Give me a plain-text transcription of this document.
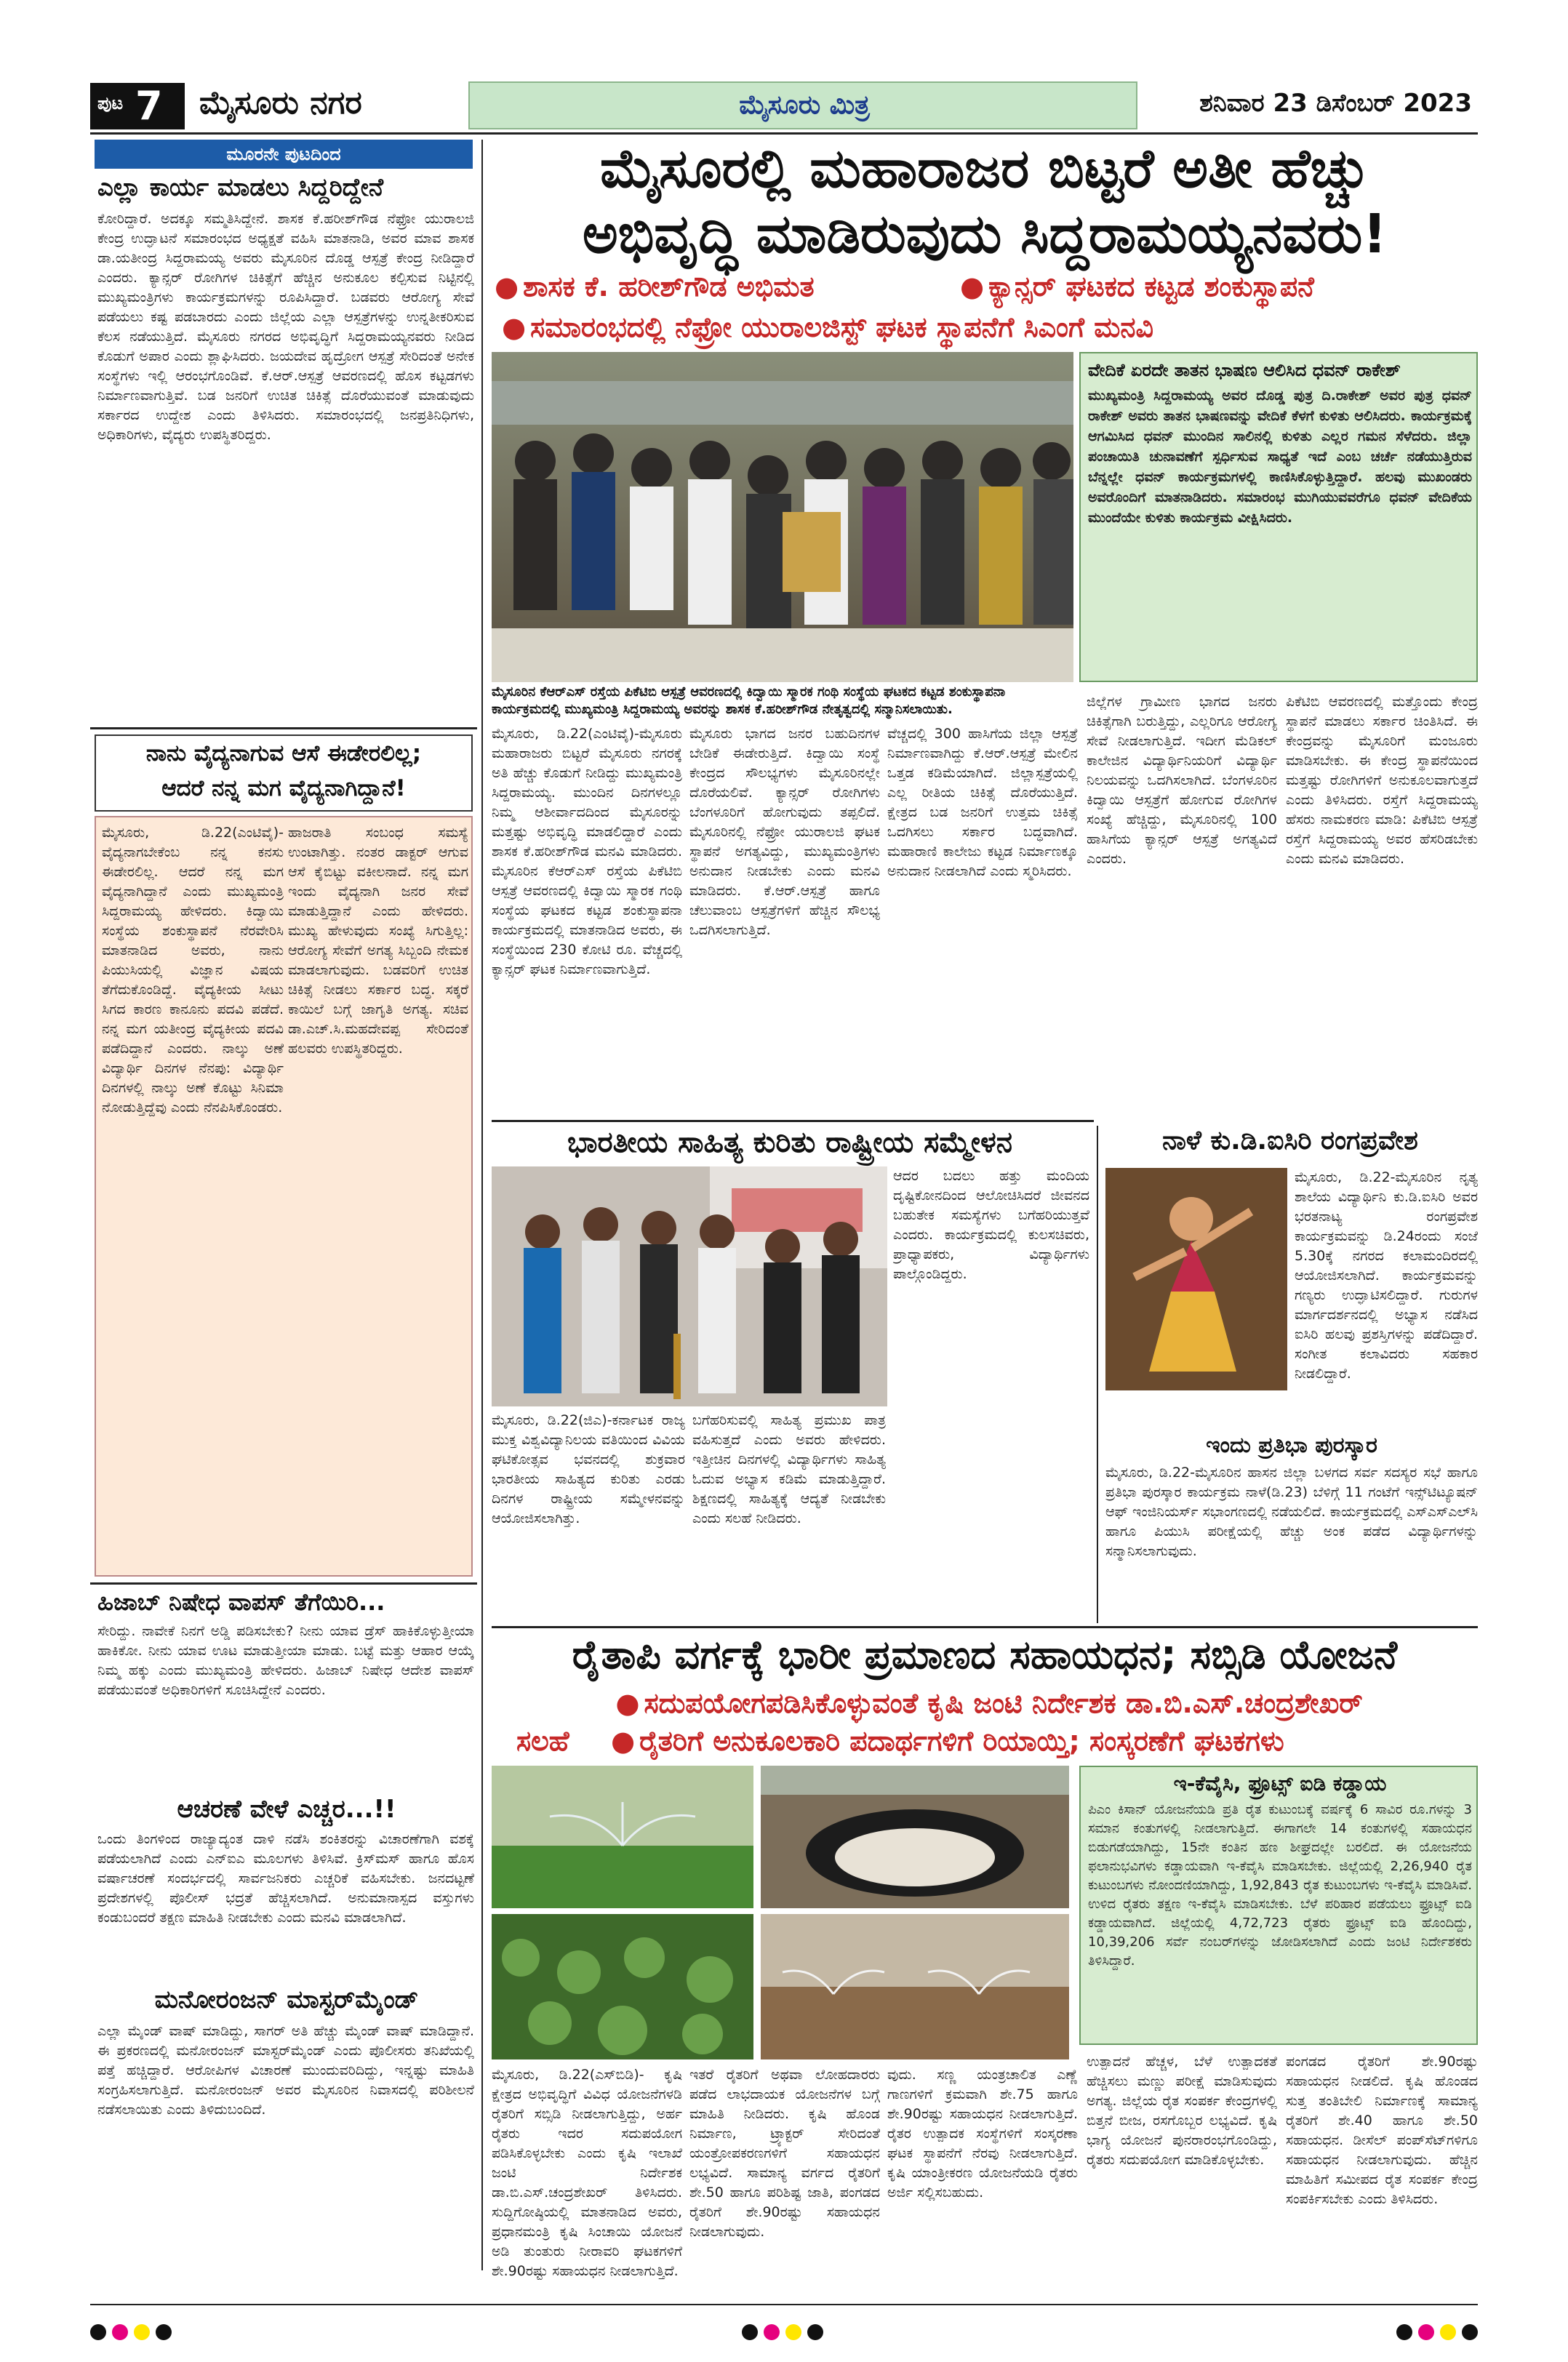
ಪುಟ 7 ಮೈಸೂರು ನಗರ	ಮೈಸೂರು ಮಿತ್ರ	ಶನಿವಾರ 23 ಡಿಸೆಂಬರ್ 2023
ಮೂರನೇ ಪುಟದಿಂದ
ಎಲ್ಲಾ ಕಾರ್ಯ ಮಾಡಲು ಸಿದ್ದರಿದ್ದೇನೆ
ಕೋರಿದ್ದಾರೆ. ಅದಕ್ಕೂ ಸಮ್ಮತಿಸಿದ್ದೇನೆ. ಶಾಸಕ ಕೆ.ಹರೀಶ್‌ಗೌಡ ನೆಫ್ರೋ ಯುರಾಲಜಿ ಕೇಂದ್ರ ಉದ್ಘಾಟನೆ ಸಮಾರಂಭದ ಅಧ್ಯಕ್ಷತೆ ವಹಿಸಿ ಮಾತನಾಡಿ, ಅವರ ಮಾವ ಶಾಸಕ ಡಾ.ಯತೀಂದ್ರ ಸಿದ್ದರಾಮಯ್ಯ ಅವರು ಮೈಸೂರಿನ ದೊಡ್ಡ ಆಸ್ಪತ್ರೆ ಕೇಂದ್ರ ನೀಡಿದ್ದಾರೆ ಎಂದರು. ಕ್ಯಾನ್ಸರ್ ರೋಗಿಗಳ ಚಿಕಿತ್ಸೆಗೆ ಹೆಚ್ಚಿನ ಅನುಕೂಲ ಕಲ್ಪಿಸುವ ನಿಟ್ಟಿನಲ್ಲಿ ಮುಖ್ಯಮಂತ್ರಿಗಳು ಕಾರ್ಯಕ್ರಮಗಳನ್ನು ರೂಪಿಸಿದ್ದಾರೆ. ಬಡವರು ಆರೋಗ್ಯ ಸೇವೆ ಪಡೆಯಲು ಕಷ್ಟ ಪಡಬಾರದು ಎಂದು ಜಿಲ್ಲೆಯ ಎಲ್ಲಾ ಆಸ್ಪತ್ರೆಗಳನ್ನು ಉನ್ನತೀಕರಿಸುವ ಕೆಲಸ ನಡೆಯುತ್ತಿದೆ. ಮೈಸೂರು ನಗರದ ಅಭಿವೃದ್ಧಿಗೆ ಸಿದ್ದರಾಮಯ್ಯನವರು ನೀಡಿದ ಕೊಡುಗೆ ಅಪಾರ ಎಂದು ಶ್ಲಾಘಿಸಿದರು. ಜಯದೇವ ಹೃದ್ರೋಗ ಆಸ್ಪತ್ರೆ ಸೇರಿದಂತೆ ಅನೇಕ ಸಂಸ್ಥೆಗಳು ಇಲ್ಲಿ ಆರಂಭಗೊಂಡಿವೆ. ಕೆ.ಆರ್.ಆಸ್ಪತ್ರೆ ಆವರಣದಲ್ಲಿ ಹೊಸ ಕಟ್ಟಡಗಳು ನಿರ್ಮಾಣವಾಗುತ್ತಿವೆ. ಬಡ ಜನರಿಗೆ ಉಚಿತ ಚಿಕಿತ್ಸೆ ದೊರೆಯುವಂತೆ ಮಾಡುವುದು ಸರ್ಕಾರದ ಉದ್ದೇಶ ಎಂದು ತಿಳಿಸಿದರು. ಸಮಾರಂಭದಲ್ಲಿ ಜನಪ್ರತಿನಿಧಿಗಳು, ಅಧಿಕಾರಿಗಳು, ವೈದ್ಯರು ಉಪಸ್ಥಿತರಿದ್ದರು.
ಮೈಸೂರಲ್ಲಿ ಮಹಾರಾಜರ ಬಿಟ್ಟರೆ ಅತೀ ಹೆಚ್ಚು
ಅಭಿವೃದ್ಧಿ ಮಾಡಿರುವುದು ಸಿದ್ದರಾಮಯ್ಯನವರು!
● ಶಾಸಕ ಕೆ. ಹರೀಶ್‌ಗೌಡ ಅಭಿಮತ	● ಕ್ಯಾನ್ಸರ್ ಘಟಕದ ಕಟ್ಟಡ ಶಂಕುಸ್ಥಾಪನೆ
● ಸಮಾರಂಭದಲ್ಲಿ ನೆಫ್ರೋ ಯುರಾಲಜಿಸ್ಟ್ ಘಟಕ ಸ್ಥಾಪನೆಗೆ ಸಿಎಂಗೆ ಮನವಿ
ಮೈಸೂರಿನ ಕೆಆರ್‌ಎಸ್ ರಸ್ತೆಯ ಪಿಕೆಟಿಬಿ ಆಸ್ಪತ್ರೆ ಆವರಣದಲ್ಲಿ ಕಿದ್ವಾಯಿ ಸ್ಮಾರಕ ಗಂಥಿ ಸಂಸ್ಥೆಯ ಘಟಕದ ಕಟ್ಟಡ ಶಂಕುಸ್ಥಾಪನಾ ಕಾರ್ಯಕ್ರಮದಲ್ಲಿ ಮುಖ್ಯಮಂತ್ರಿ ಸಿದ್ದರಾಮಯ್ಯ ಅವರನ್ನು ಶಾಸಕ ಕೆ.ಹರೀಶ್‌ಗೌಡ ನೇತೃತ್ವದಲ್ಲಿ ಸನ್ಮಾನಿಸಲಾಯಿತು.
ವೇದಿಕೆ ಏರದೇ ತಾತನ ಭಾಷಣ ಆಲಿಸಿದ ಧವನ್ ರಾಕೇಶ್
ಮುಖ್ಯಮಂತ್ರಿ ಸಿದ್ದರಾಮಯ್ಯ ಅವರ ದೊಡ್ಡ ಪುತ್ರ ದಿ.ರಾಕೇಶ್ ಅವರ ಪುತ್ರ ಧವನ್ ರಾಕೇಶ್ ಅವರು ತಾತನ ಭಾಷಣವನ್ನು ವೇದಿಕೆ ಕೆಳಗೆ ಕುಳಿತು ಆಲಿಸಿದರು. ಕಾರ್ಯಕ್ರಮಕ್ಕೆ ಆಗಮಿಸಿದ ಧವನ್ ಮುಂದಿನ ಸಾಲಿನಲ್ಲಿ ಕುಳಿತು ಎಲ್ಲರ ಗಮನ ಸೆಳೆದರು. ಜಿಲ್ಲಾ ಪಂಚಾಯಿತಿ ಚುನಾವಣೆಗೆ ಸ್ಪರ್ಧಿಸುವ ಸಾಧ್ಯತೆ ಇದೆ ಎಂಬ ಚರ್ಚೆ ನಡೆಯುತ್ತಿರುವ ಬೆನ್ನಲ್ಲೇ ಧವನ್ ಕಾರ್ಯಕ್ರಮಗಳಲ್ಲಿ ಕಾಣಿಸಿಕೊಳ್ಳುತ್ತಿದ್ದಾರೆ. ಹಲವು ಮುಖಂಡರು ಅವರೊಂದಿಗೆ ಮಾತನಾಡಿದರು. ಸಮಾರಂಭ ಮುಗಿಯುವವರೆಗೂ ಧವನ್ ವೇದಿಕೆಯ ಮುಂದೆಯೇ ಕುಳಿತು ಕಾರ್ಯಕ್ರಮ ವೀಕ್ಷಿಸಿದರು.
ಮೈಸೂರು, ಡಿ.22(ಎಂಟಿವೈ)-ಮೈಸೂರು ಮಹಾರಾಜರು ಬಿಟ್ಟರೆ ಮೈಸೂರು ನಗರಕ್ಕೆ ಅತಿ ಹೆಚ್ಚು ಕೊಡುಗೆ ನೀಡಿದ್ದು ಮುಖ್ಯಮಂತ್ರಿ ಸಿದ್ದರಾಮಯ್ಯ. ಮುಂದಿನ ದಿನಗಳಲ್ಲೂ ನಿಮ್ಮ ಆಶೀರ್ವಾದದಿಂದ ಮೈಸೂರನ್ನು ಮತ್ತಷ್ಟು ಅಭಿವೃದ್ಧಿ ಮಾಡಲಿದ್ದಾರೆ ಎಂದು ಶಾಸಕ ಕೆ.ಹರೀಶ್‌ಗೌಡ ಮನವಿ ಮಾಡಿದರು. ಮೈಸೂರಿನ ಕೆಆರ್‌ಎಸ್ ರಸ್ತೆಯ ಪಿಕೆಟಿಬಿ ಆಸ್ಪತ್ರೆ ಆವರಣದಲ್ಲಿ ಕಿದ್ವಾಯಿ ಸ್ಮಾರಕ ಗಂಥಿ ಸಂಸ್ಥೆಯ ಘಟಕದ ಕಟ್ಟಡ ಶಂಕುಸ್ಥಾಪನಾ ಕಾರ್ಯಕ್ರಮದಲ್ಲಿ ಮಾತನಾಡಿದ ಅವರು, ಈ ಸಂಸ್ಥೆಯಿಂದ 230 ಕೋಟಿ ರೂ. ವೆಚ್ಚದಲ್ಲಿ ಕ್ಯಾನ್ಸರ್ ಘಟಕ ನಿರ್ಮಾಣವಾಗುತ್ತಿದೆ.
ಮೈಸೂರು ಭಾಗದ ಜನರ ಬಹುದಿನಗಳ ಬೇಡಿಕೆ ಈಡೇರುತ್ತಿದೆ. ಕಿದ್ವಾಯಿ ಸಂಸ್ಥೆ ಕೇಂದ್ರದ ಸೌಲಭ್ಯಗಳು ಮೈಸೂರಿನಲ್ಲೇ ದೊರೆಯಲಿವೆ. ಕ್ಯಾನ್ಸರ್ ರೋಗಿಗಳು ಬೆಂಗಳೂರಿಗೆ ಹೋಗುವುದು ತಪ್ಪಲಿದೆ. ಮೈಸೂರಿನಲ್ಲಿ ನೆಫ್ರೋ ಯುರಾಲಜಿ ಘಟಕ ಸ್ಥಾಪನೆ ಅಗತ್ಯವಿದ್ದು, ಮುಖ್ಯಮಂತ್ರಿಗಳು ಅನುದಾನ ನೀಡಬೇಕು ಎಂದು ಮನವಿ ಮಾಡಿದರು. ಕೆ.ಆರ್.ಆಸ್ಪತ್ರೆ ಹಾಗೂ ಚೆಲುವಾಂಬ ಆಸ್ಪತ್ರೆಗಳಿಗೆ ಹೆಚ್ಚಿನ ಸೌಲಭ್ಯ ಒದಗಿಸಲಾಗುತ್ತಿದೆ.
ವೆಚ್ಚದಲ್ಲಿ 300 ಹಾಸಿಗೆಯ ಜಿಲ್ಲಾ ಆಸ್ಪತ್ರೆ ನಿರ್ಮಾಣವಾಗಿದ್ದು ಕೆ.ಆರ್.ಆಸ್ಪತ್ರೆ ಮೇಲಿನ ಒತ್ತಡ ಕಡಿಮೆಯಾಗಿದೆ. ಜಿಲ್ಲಾಸ್ಪತ್ರೆಯಲ್ಲಿ ಎಲ್ಲ ರೀತಿಯ ಚಿಕಿತ್ಸೆ ದೊರೆಯುತ್ತಿದೆ. ಕ್ಷೇತ್ರದ ಬಡ ಜನರಿಗೆ ಉತ್ತಮ ಚಿಕಿತ್ಸೆ ಒದಗಿಸಲು ಸರ್ಕಾರ ಬದ್ಧವಾಗಿದೆ. ಮಹಾರಾಣಿ ಕಾಲೇಜು ಕಟ್ಟಡ ನಿರ್ಮಾಣಕ್ಕೂ ಅನುದಾನ ನೀಡಲಾಗಿದೆ ಎಂದು ಸ್ಮರಿಸಿದರು.
ಜಿಲ್ಲೆಗಳ ಗ್ರಾಮೀಣ ಭಾಗದ ಜನರು ಚಿಕಿತ್ಸೆಗಾಗಿ ಬರುತ್ತಿದ್ದು, ಎಲ್ಲರಿಗೂ ಆರೋಗ್ಯ ಸೇವೆ ನೀಡಲಾಗುತ್ತಿದೆ. ಇದೀಗ ಮೆಡಿಕಲ್ ಕಾಲೇಜಿನ ವಿದ್ಯಾರ್ಥಿನಿಯರಿಗೆ ವಿದ್ಯಾರ್ಥಿ ನಿಲಯವನ್ನು ಒದಗಿಸಲಾಗಿದೆ. ಬೆಂಗಳೂರಿನ ಕಿದ್ವಾಯಿ ಆಸ್ಪತ್ರೆಗೆ ಹೋಗುವ ರೋಗಿಗಳ ಸಂಖ್ಯೆ ಹೆಚ್ಚಿದ್ದು, ಮೈಸೂರಿನಲ್ಲಿ 100 ಹಾಸಿಗೆಯ ಕ್ಯಾನ್ಸರ್ ಆಸ್ಪತ್ರೆ ಅಗತ್ಯವಿದೆ ಎಂದರು.
ಪಿಕೆಟಿಬಿ ಆವರಣದಲ್ಲಿ ಮತ್ತೊಂದು ಕೇಂದ್ರ ಸ್ಥಾಪನೆ ಮಾಡಲು ಸರ್ಕಾರ ಚಿಂತಿಸಿದೆ. ಈ ಕೇಂದ್ರವನ್ನು ಮೈಸೂರಿಗೆ ಮಂಜೂರು ಮಾಡಿಸಬೇಕು. ಈ ಕೇಂದ್ರ ಸ್ಥಾಪನೆಯಿಂದ ಮತ್ತಷ್ಟು ರೋಗಿಗಳಿಗೆ ಅನುಕೂಲವಾಗುತ್ತದೆ ಎಂದು ತಿಳಿಸಿದರು. ರಸ್ತೆಗೆ ಸಿದ್ದರಾಮಯ್ಯ ಹೆಸರು ನಾಮಕರಣ ಮಾಡಿ: ಪಿಕೆಟಿಬಿ ಆಸ್ಪತ್ರೆ ರಸ್ತೆಗೆ ಸಿದ್ದರಾಮಯ್ಯ ಅವರ ಹೆಸರಿಡಬೇಕು ಎಂದು ಮನವಿ ಮಾಡಿದರು.
ನಾನು ವೈದ್ಯನಾಗುವ ಆಸೆ ಈಡೇರಲಿಲ್ಲ;
ಆದರೆ ನನ್ನ ಮಗ ವೈದ್ಯನಾಗಿದ್ದಾನೆ!
ಮೈಸೂರು, ಡಿ.22(ಎಂಟಿವೈ)-ವೈದ್ಯನಾಗಬೇಕೆಂಬ ನನ್ನ ಕನಸು ಈಡೇರಲಿಲ್ಲ. ಆದರೆ ನನ್ನ ಮಗ ವೈದ್ಯನಾಗಿದ್ದಾನೆ ಎಂದು ಮುಖ್ಯಮಂತ್ರಿ ಸಿದ್ದರಾಮಯ್ಯ ಹೇಳಿದರು. ಕಿದ್ವಾಯಿ ಸಂಸ್ಥೆಯ ಶಂಕುಸ್ಥಾಪನೆ ನೆರವೇರಿಸಿ ಮಾತನಾಡಿದ ಅವರು, ನಾನು ಪಿಯುಸಿಯಲ್ಲಿ ವಿಜ್ಞಾನ ವಿಷಯ ತೆಗೆದುಕೊಂಡಿದ್ದೆ. ವೈದ್ಯಕೀಯ ಸೀಟು ಸಿಗದ ಕಾರಣ ಕಾನೂನು ಪದವಿ ಪಡೆದೆ. ನನ್ನ ಮಗ ಯತೀಂದ್ರ ವೈದ್ಯಕೀಯ ಪದವಿ ಪಡೆದಿದ್ದಾನೆ ಎಂದರು. ನಾಲ್ಕು ಅಣೆ ವಿದ್ಯಾರ್ಥಿ ದಿನಗಳ ನೆನಪು: ವಿದ್ಯಾರ್ಥಿ ದಿನಗಳಲ್ಲಿ ನಾಲ್ಕು ಅಣೆ ಕೊಟ್ಟು ಸಿನಿಮಾ ನೋಡುತ್ತಿದ್ದೆವು ಎಂದು ನೆನಪಿಸಿಕೊಂಡರು.
ಹಾಜರಾತಿ ಸಂಬಂಧ ಸಮಸ್ಯೆ ಉಂಟಾಗಿತ್ತು. ನಂತರ ಡಾಕ್ಟರ್ ಆಗುವ ಆಸೆ ಕೈಬಿಟ್ಟು ವಕೀಲನಾದೆ. ನನ್ನ ಮಗ ಇಂದು ವೈದ್ಯನಾಗಿ ಜನರ ಸೇವೆ ಮಾಡುತ್ತಿದ್ದಾನೆ ಎಂದು ಹೇಳಿದರು. ಮುಖ್ಯ ಹೇಳುವುದು ಸಂಖ್ಯೆ ಸಿಗುತ್ತಿಲ್ಲ: ಆರೋಗ್ಯ ಸೇವೆಗೆ ಅಗತ್ಯ ಸಿಬ್ಬಂದಿ ನೇಮಕ ಮಾಡಲಾಗುವುದು. ಬಡವರಿಗೆ ಉಚಿತ ಚಿಕಿತ್ಸೆ ನೀಡಲು ಸರ್ಕಾರ ಬದ್ಧ. ಸಕ್ಕರೆ ಕಾಯಿಲೆ ಬಗ್ಗೆ ಜಾಗೃತಿ ಅಗತ್ಯ. ಸಚಿವ ಡಾ.ಎಚ್.ಸಿ.ಮಹದೇವಪ್ಪ ಸೇರಿದಂತೆ ಹಲವರು ಉಪಸ್ಥಿತರಿದ್ದರು.
ಹಿಜಾಬ್ ನಿಷೇಧ ವಾಪಸ್ ತೆಗೆಯಿರಿ...
ಸೇರಿದ್ದು. ನಾವೇಕೆ ನಿನಗೆ ಅಡ್ಡಿ ಪಡಿಸಬೇಕು? ನೀನು ಯಾವ ಡ್ರೆಸ್ ಹಾಕಿಕೊಳ್ಳುತ್ತೀಯಾ ಹಾಕಿಕೋ. ನೀನು ಯಾವ ಊಟ ಮಾಡುತ್ತೀಯಾ ಮಾಡು. ಬಟ್ಟೆ ಮತ್ತು ಆಹಾರ ಆಯ್ಕೆ ನಿಮ್ಮ ಹಕ್ಕು ಎಂದು ಮುಖ್ಯಮಂತ್ರಿ ಹೇಳಿದರು. ಹಿಜಾಬ್ ನಿಷೇಧ ಆದೇಶ ವಾಪಸ್ ಪಡೆಯುವಂತೆ ಅಧಿಕಾರಿಗಳಿಗೆ ಸೂಚಿಸಿದ್ದೇನೆ ಎಂದರು.
ಆಚರಣೆ ವೇಳೆ ಎಚ್ಚರ...!!
ಒಂದು ತಿಂಗಳಿಂದ ರಾಜ್ಯಾದ್ಯಂತ ದಾಳಿ ನಡೆಸಿ ಶಂಕಿತರನ್ನು ವಿಚಾರಣೆಗಾಗಿ ವಶಕ್ಕೆ ಪಡೆಯಲಾಗಿದೆ ಎಂದು ಎನ್‌ಐಎ ಮೂಲಗಳು ತಿಳಿಸಿವೆ. ಕ್ರಿಸ್‌ಮಸ್ ಹಾಗೂ ಹೊಸ ವರ್ಷಾಚರಣೆ ಸಂದರ್ಭದಲ್ಲಿ ಸಾರ್ವಜನಿಕರು ಎಚ್ಚರಿಕೆ ವಹಿಸಬೇಕು. ಜನದಟ್ಟಣೆ ಪ್ರದೇಶಗಳಲ್ಲಿ ಪೊಲೀಸ್ ಭದ್ರತೆ ಹೆಚ್ಚಿಸಲಾಗಿದೆ. ಅನುಮಾನಾಸ್ಪದ ವಸ್ತುಗಳು ಕಂಡುಬಂದರೆ ತಕ್ಷಣ ಮಾಹಿತಿ ನೀಡಬೇಕು ಎಂದು ಮನವಿ ಮಾಡಲಾಗಿದೆ.
ಮನೋರಂಜನ್ ಮಾಸ್ಟರ್‌ಮೈಂಡ್
ಎಲ್ಲಾ ಮೈಂಡ್ ವಾಷ್ ಮಾಡಿದ್ದು, ಸಾಗರ್ ಅತಿ ಹೆಚ್ಚು ಮೈಂಡ್ ವಾಷ್ ಮಾಡಿದ್ದಾನೆ. ಈ ಪ್ರಕರಣದಲ್ಲಿ ಮನೋರಂಜನ್ ಮಾಸ್ಟರ್‌ಮೈಂಡ್ ಎಂದು ಪೊಲೀಸರು ತನಿಖೆಯಲ್ಲಿ ಪತ್ತೆ ಹಚ್ಚಿದ್ದಾರೆ. ಆರೋಪಿಗಳ ವಿಚಾರಣೆ ಮುಂದುವರಿದಿದ್ದು, ಇನ್ನಷ್ಟು ಮಾಹಿತಿ ಸಂಗ್ರಹಿಸಲಾಗುತ್ತಿದೆ. ಮನೋರಂಜನ್ ಅವರ ಮೈಸೂರಿನ ನಿವಾಸದಲ್ಲಿ ಪರಿಶೀಲನೆ ನಡೆಸಲಾಯಿತು ಎಂದು ತಿಳಿದುಬಂದಿದೆ.
ಭಾರತೀಯ ಸಾಹಿತ್ಯ ಕುರಿತು ರಾಷ್ಟ್ರೀಯ ಸಮ್ಮೇಳನ
ಮೈಸೂರು, ಡಿ.22(ಜಿಎ)-ಕರ್ನಾಟಕ ರಾಜ್ಯ ಮುಕ್ತ ವಿಶ್ವವಿದ್ಯಾನಿಲಯ ವತಿಯಿಂದ ವಿವಿಯ ಘಟಿಕೋತ್ಸವ ಭವನದಲ್ಲಿ ಶುಕ್ರವಾರ ಭಾರತೀಯ ಸಾಹಿತ್ಯದ ಕುರಿತು ಎರಡು ದಿನಗಳ ರಾಷ್ಟ್ರೀಯ ಸಮ್ಮೇಳನವನ್ನು ಆಯೋಜಿಸಲಾಗಿತ್ತು.
ಬಗೆಹರಿಸುವಲ್ಲಿ ಸಾಹಿತ್ಯ ಪ್ರಮುಖ ಪಾತ್ರ ವಹಿಸುತ್ತದೆ ಎಂದು ಅವರು ಹೇಳಿದರು. ಇತ್ತೀಚಿನ ದಿನಗಳಲ್ಲಿ ವಿದ್ಯಾರ್ಥಿಗಳು ಸಾಹಿತ್ಯ ಓದುವ ಅಭ್ಯಾಸ ಕಡಿಮೆ ಮಾಡುತ್ತಿದ್ದಾರೆ. ಶಿಕ್ಷಣದಲ್ಲಿ ಸಾಹಿತ್ಯಕ್ಕೆ ಆದ್ಯತೆ ನೀಡಬೇಕು ಎಂದು ಸಲಹೆ ನೀಡಿದರು.
ಆದರ ಬದಲು ಹತ್ತು ಮಂದಿಯ ದೃಷ್ಟಿಕೋನದಿಂದ ಆಲೋಚಿಸಿದರೆ ಜೀವನದ ಬಹುತೇಕ ಸಮಸ್ಯೆಗಳು ಬಗೆಹರಿಯುತ್ತವೆ ಎಂದರು. ಕಾರ್ಯಕ್ರಮದಲ್ಲಿ ಕುಲಸಚಿವರು, ಪ್ರಾಧ್ಯಾಪಕರು, ವಿದ್ಯಾರ್ಥಿಗಳು ಪಾಲ್ಗೊಂಡಿದ್ದರು.
ನಾಳೆ ಕು.ಡಿ.ಐಸಿರಿ ರಂಗಪ್ರವೇಶ
ಮೈಸೂರು, ಡಿ.22-ಮೈಸೂರಿನ ನೃತ್ಯ ಶಾಲೆಯ ವಿದ್ಯಾರ್ಥಿನಿ ಕು.ಡಿ.ಐಸಿರಿ ಅವರ ಭರತನಾಟ್ಯ ರಂಗಪ್ರವೇಶ ಕಾರ್ಯಕ್ರಮವನ್ನು ಡಿ.24ರಂದು ಸಂಜೆ 5.30ಕ್ಕೆ ನಗರದ ಕಲಾಮಂದಿರದಲ್ಲಿ ಆಯೋಜಿಸಲಾಗಿದೆ. ಕಾರ್ಯಕ್ರಮವನ್ನು ಗಣ್ಯರು ಉದ್ಘಾಟಿಸಲಿದ್ದಾರೆ. ಗುರುಗಳ ಮಾರ್ಗದರ್ಶನದಲ್ಲಿ ಅಭ್ಯಾಸ ನಡೆಸಿದ ಐಸಿರಿ ಹಲವು ಪ್ರಶಸ್ತಿಗಳನ್ನು ಪಡೆದಿದ್ದಾರೆ. ಸಂಗೀತ ಕಲಾವಿದರು ಸಹಕಾರ ನೀಡಲಿದ್ದಾರೆ.
ಇಂದು ಪ್ರತಿಭಾ ಪುರಸ್ಕಾರ
ಮೈಸೂರು, ಡಿ.22-ಮೈಸೂರಿನ ಹಾಸನ ಜಿಲ್ಲಾ ಬಳಗದ ಸರ್ವ ಸದಸ್ಯರ ಸಭೆ ಹಾಗೂ ಪ್ರತಿಭಾ ಪುರಸ್ಕಾರ ಕಾರ್ಯಕ್ರಮ ನಾಳೆ(ಡಿ.23) ಬೆಳಿಗ್ಗೆ 11 ಗಂಟೆಗೆ ಇನ್ಸ್‌ಟಿಟ್ಯೂಷನ್ ಆಫ್ ಇಂಜಿನಿಯರ್ಸ್ ಸಭಾಂಗಣದಲ್ಲಿ ನಡೆಯಲಿದೆ. ಕಾರ್ಯಕ್ರಮದಲ್ಲಿ ಎಸ್‌ಎಸ್‌ಎಲ್‌ಸಿ ಹಾಗೂ ಪಿಯುಸಿ ಪರೀಕ್ಷೆಯಲ್ಲಿ ಹೆಚ್ಚು ಅಂಕ ಪಡೆದ ವಿದ್ಯಾರ್ಥಿಗಳನ್ನು ಸನ್ಮಾನಿಸಲಾಗುವುದು.
ರೈತಾಪಿ ವರ್ಗಕ್ಕೆ ಭಾರೀ ಪ್ರಮಾಣದ ಸಹಾಯಧನ; ಸಬ್ಸಿಡಿ ಯೋಜನೆ
● ಸದುಪಯೋಗಪಡಿಸಿಕೊಳ್ಳುವಂತೆ ಕೃಷಿ ಜಂಟಿ ನಿರ್ದೇಶಕ ಡಾ.ಬಿ.ಎಸ್.ಚಂದ್ರಶೇಖರ್
ಸಲಹೆ	● ರೈತರಿಗೆ ಅನುಕೂಲಕಾರಿ ಪದಾರ್ಥಗಳಿಗೆ ರಿಯಾಯ್ತಿ; ಸಂಸ್ಕರಣೆಗೆ ಘಟಕಗಳು
ಇ-ಕೆವೈಸಿ, ಫ್ರೂಟ್ಸ್ ಐಡಿ ಕಡ್ಡಾಯ
ಪಿಎಂ ಕಿಸಾನ್ ಯೋಜನೆಯಡಿ ಪ್ರತಿ ರೈತ ಕುಟುಂಬಕ್ಕೆ ವರ್ಷಕ್ಕೆ 6 ಸಾವಿರ ರೂ.ಗಳನ್ನು 3 ಸಮಾನ ಕಂತುಗಳಲ್ಲಿ ನೀಡಲಾಗುತ್ತಿದೆ. ಈಗಾಗಲೇ 14 ಕಂತುಗಳಲ್ಲಿ ಸಹಾಯಧನ ಬಿಡುಗಡೆಯಾಗಿದ್ದು, 15ನೇ ಕಂತಿನ ಹಣ ಶೀಘ್ರದಲ್ಲೇ ಬರಲಿದೆ. ಈ ಯೋಜನೆಯ ಫಲಾನುಭವಿಗಳು ಕಡ್ಡಾಯವಾಗಿ ಇ-ಕೆವೈಸಿ ಮಾಡಿಸಬೇಕು. ಜಿಲ್ಲೆಯಲ್ಲಿ 2,26,940 ರೈತ ಕುಟುಂಬಗಳು ನೋಂದಣಿಯಾಗಿದ್ದು, 1,92,843 ರೈತ ಕುಟುಂಬಗಳು ಇ-ಕೆವೈಸಿ ಮಾಡಿಸಿವೆ. ಉಳಿದ ರೈತರು ತಕ್ಷಣ ಇ-ಕೆವೈಸಿ ಮಾಡಿಸಬೇಕು. ಬೆಳೆ ಪರಿಹಾರ ಪಡೆಯಲು ಫ್ರೂಟ್ಸ್ ಐಡಿ ಕಡ್ಡಾಯವಾಗಿದೆ. ಜಿಲ್ಲೆಯಲ್ಲಿ 4,72,723 ರೈತರು ಫ್ರೂಟ್ಸ್ ಐಡಿ ಹೊಂದಿದ್ದು, 10,39,206 ಸರ್ವೆ ನಂಬರ್‌ಗಳನ್ನು ಜೋಡಿಸಲಾಗಿದೆ ಎಂದು ಜಂಟಿ ನಿರ್ದೇಶಕರು ತಿಳಿಸಿದ್ದಾರೆ.
ಮೈಸೂರು, ಡಿ.22(ಎಸ್‌ಬಿಡಿ)- ಕೃಷಿ ಕ್ಷೇತ್ರದ ಅಭಿವೃದ್ಧಿಗೆ ವಿವಿಧ ಯೋಜನೆಗಳಡಿ ರೈತರಿಗೆ ಸಬ್ಸಿಡಿ ನೀಡಲಾಗುತ್ತಿದ್ದು, ಅರ್ಹ ರೈತರು ಇದರ ಸದುಪಯೋಗ ಪಡಿಸಿಕೊಳ್ಳಬೇಕು ಎಂದು ಕೃಷಿ ಇಲಾಖೆ ಜಂಟಿ ನಿರ್ದೇಶಕ ಡಾ.ಬಿ.ಎಸ್.ಚಂದ್ರಶೇಖರ್ ತಿಳಿಸಿದರು. ಸುದ್ದಿಗೋಷ್ಠಿಯಲ್ಲಿ ಮಾತನಾಡಿದ ಅವರು, ಪ್ರಧಾನಮಂತ್ರಿ ಕೃಷಿ ಸಿಂಚಾಯಿ ಯೋಜನೆ ಅಡಿ ತುಂತುರು ನೀರಾವರಿ ಘಟಕಗಳಿಗೆ ಶೇ.90ರಷ್ಟು ಸಹಾಯಧನ ನೀಡಲಾಗುತ್ತಿದೆ.
ಇತರೆ ರೈತರಿಗೆ ಅಥವಾ ಲೋಹದಾರರು ಪಡೆದ ಲಾಭದಾಯಕ ಯೋಜನೆಗಳ ಬಗ್ಗೆ ಮಾಹಿತಿ ನೀಡಿದರು. ಕೃಷಿ ಹೊಂಡ ನಿರ್ಮಾಣ, ಟ್ರ್ಯಾಕ್ಟರ್ ಸೇರಿದಂತೆ ಯಂತ್ರೋಪಕರಣಗಳಿಗೆ ಸಹಾಯಧನ ಲಭ್ಯವಿದೆ. ಸಾಮಾನ್ಯ ವರ್ಗದ ರೈತರಿಗೆ ಶೇ.50 ಹಾಗೂ ಪರಿಶಿಷ್ಟ ಜಾತಿ, ಪಂಗಡದ ರೈತರಿಗೆ ಶೇ.90ರಷ್ಟು ಸಹಾಯಧನ ನೀಡಲಾಗುವುದು.
ವುದು. ಸಣ್ಣ ಯಂತ್ರಚಾಲಿತ ಎಣ್ಣೆ ಗಾಣಗಳಿಗೆ ಕ್ರಮವಾಗಿ ಶೇ.75 ಹಾಗೂ ಶೇ.90ರಷ್ಟು ಸಹಾಯಧನ ನೀಡಲಾಗುತ್ತಿದೆ. ರೈತರ ಉತ್ಪಾದಕ ಸಂಸ್ಥೆಗಳಿಗೆ ಸಂಸ್ಕರಣಾ ಘಟಕ ಸ್ಥಾಪನೆಗೆ ನೆರವು ನೀಡಲಾಗುತ್ತಿದೆ. ಕೃಷಿ ಯಾಂತ್ರೀಕರಣ ಯೋಜನೆಯಡಿ ರೈತರು ಅರ್ಜಿ ಸಲ್ಲಿಸಬಹುದು.
ಉತ್ಪಾದನೆ ಹೆಚ್ಚಳ, ಬೆಳೆ ಉತ್ಪಾದಕತೆ ಹೆಚ್ಚಿಸಲು ಮಣ್ಣು ಪರೀಕ್ಷೆ ಮಾಡಿಸುವುದು ಅಗತ್ಯ. ಜಿಲ್ಲೆಯ ರೈತ ಸಂಪರ್ಕ ಕೇಂದ್ರಗಳಲ್ಲಿ ಬಿತ್ತನೆ ಬೀಜ, ರಸಗೊಬ್ಬರ ಲಭ್ಯವಿದೆ. ಕೃಷಿ ಭಾಗ್ಯ ಯೋಜನೆ ಪುನರಾರಂಭಗೊಂಡಿದ್ದು, ರೈತರು ಸದುಪಯೋಗ ಮಾಡಿಕೊಳ್ಳಬೇಕು.
ಪಂಗಡದ ರೈತರಿಗೆ ಶೇ.90ರಷ್ಟು ಸಹಾಯಧನ ನೀಡಲಿದೆ. ಕೃಷಿ ಹೊಂಡದ ಸುತ್ತ ತಂತಿಬೇಲಿ ನಿರ್ಮಾಣಕ್ಕೆ ಸಾಮಾನ್ಯ ರೈತರಿಗೆ ಶೇ.40 ಹಾಗೂ ಶೇ.50 ಸಹಾಯಧನ. ಡೀಸೆಲ್ ಪಂಪ್‌ಸೆಟ್‌ಗಳಿಗೂ ಸಹಾಯಧನ ನೀಡಲಾಗುವುದು. ಹೆಚ್ಚಿನ ಮಾಹಿತಿಗೆ ಸಮೀಪದ ರೈತ ಸಂಪರ್ಕ ಕೇಂದ್ರ ಸಂಪರ್ಕಿಸಬೇಕು ಎಂದು ತಿಳಿಸಿದರು.
